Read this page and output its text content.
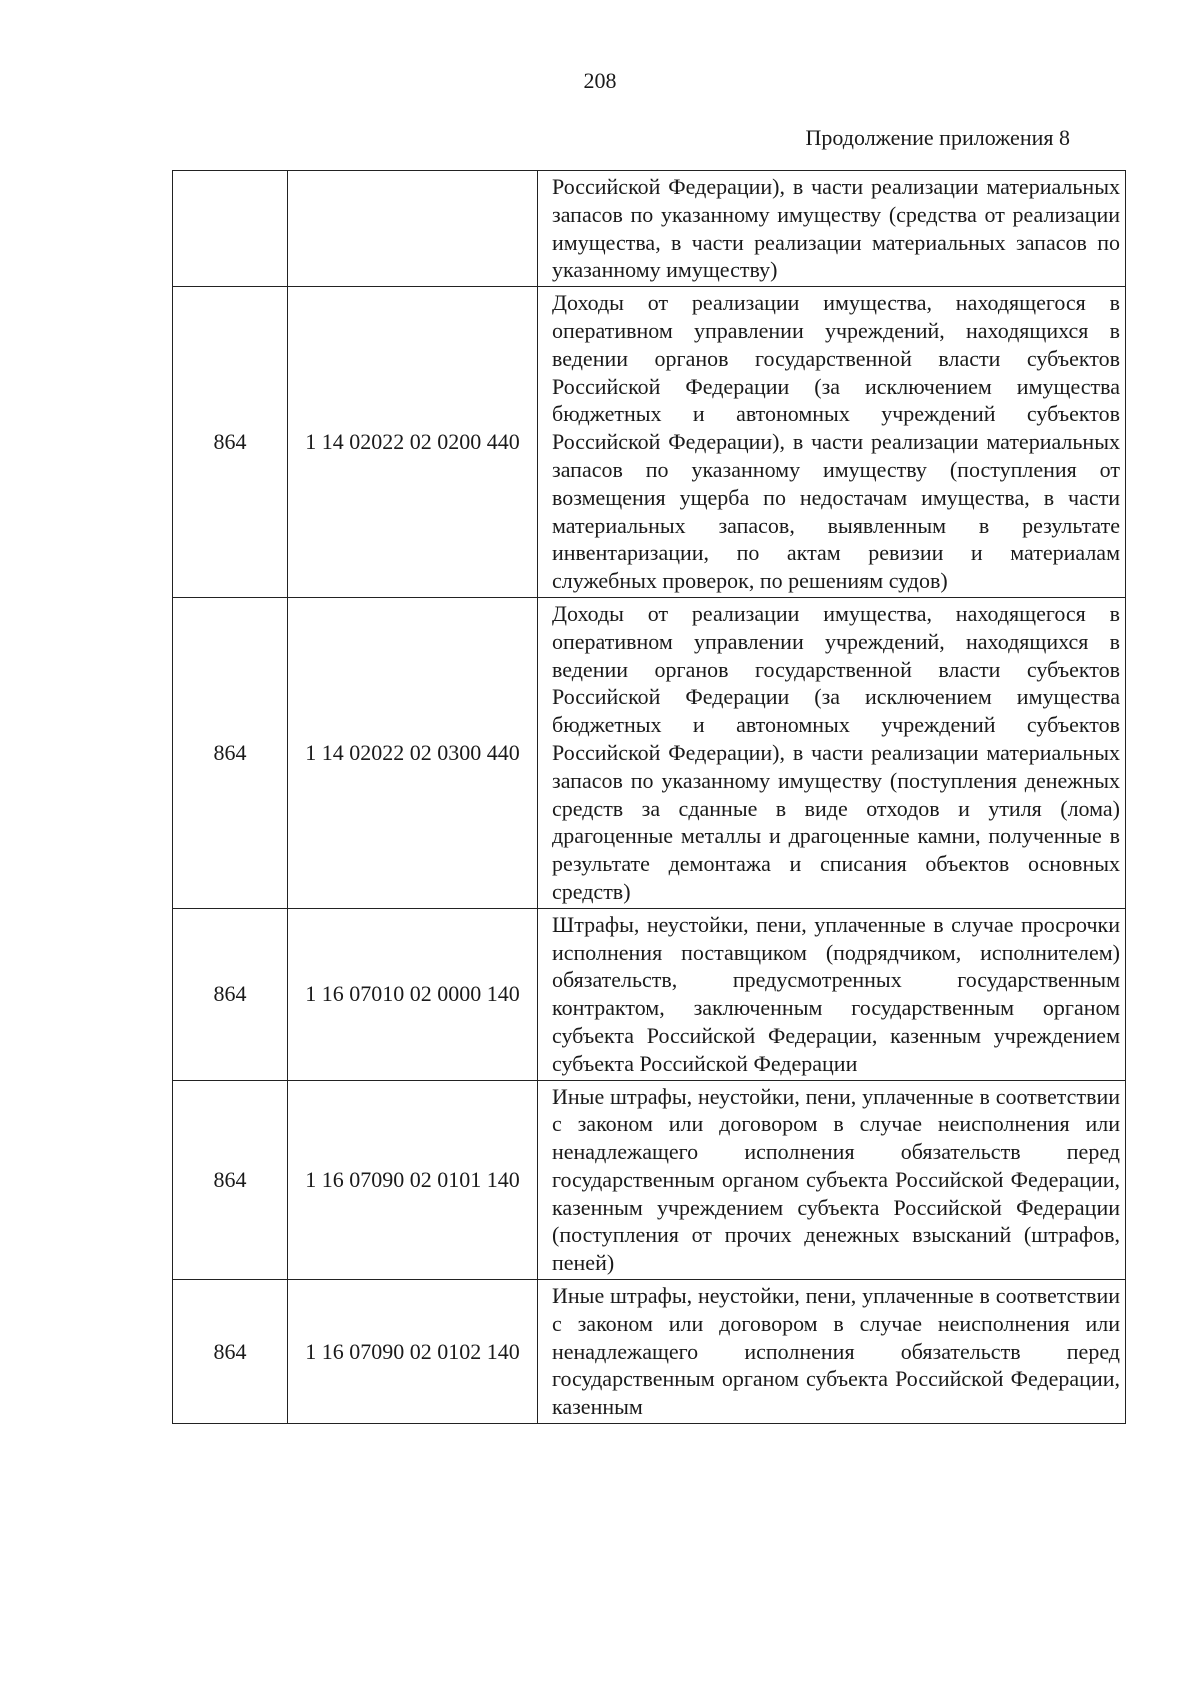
208
Продолжение приложения 8
		Российской Федерации), в части реализации материальных запасов по указанному имуществу (средства от реализации имущества, в части реализации материальных запасов по указанному имуществу)
864	1 14 02022 02 0200 440	Доходы от реализации имущества, находящегося в оперативном управлении учреждений, находящихся в ведении органов государственной власти субъектов Российской Федерации (за исключением имущества бюджетных и автономных учреждений субъектов Российской Федерации), в части реализации материальных запасов по указанному имуществу (поступления от возмещения ущерба по недостачам имущества, в части материальных запасов, выявленным в результате инвентаризации, по актам ревизии и материалам служебных проверок, по решениям судов)
864	1 14 02022 02 0300 440	Доходы от реализации имущества, находящегося в оперативном управлении учреждений, находящихся в ведении органов государственной власти субъектов Российской Федерации (за исключением имущества бюджетных и автономных учреждений субъектов Российской Федерации), в части реализации материальных запасов по указанному имуществу (поступления денежных средств за сданные в виде отходов и утиля (лома) драгоценные металлы и драгоценные камни, полученные в результате демонтажа и списания объектов основных средств)
864	1 16 07010 02 0000 140	Штрафы, неустойки, пени, уплаченные в случае просрочки исполнения поставщиком (подрядчиком, исполнителем) обязательств, предусмотренных государственным контрактом, заключенным государственным органом субъекта Российской Федерации, казенным учреждением субъекта Российской Федерации
864	1 16 07090 02 0101 140	Иные штрафы, неустойки, пени, уплаченные в соответствии с законом или договором в случае неисполнения или ненадлежащего исполнения обязательств перед государственным органом субъекта Российской Федерации, казенным учреждением субъекта Российской Федерации (поступления от прочих денежных взысканий (штрафов, пеней)
864	1 16 07090 02 0102 140	Иные штрафы, неустойки, пени, уплаченные в соответствии с законом или договором в случае неисполнения или ненадлежащего исполнения обязательств перед государственным органом субъекта Российской Федерации, казенным
